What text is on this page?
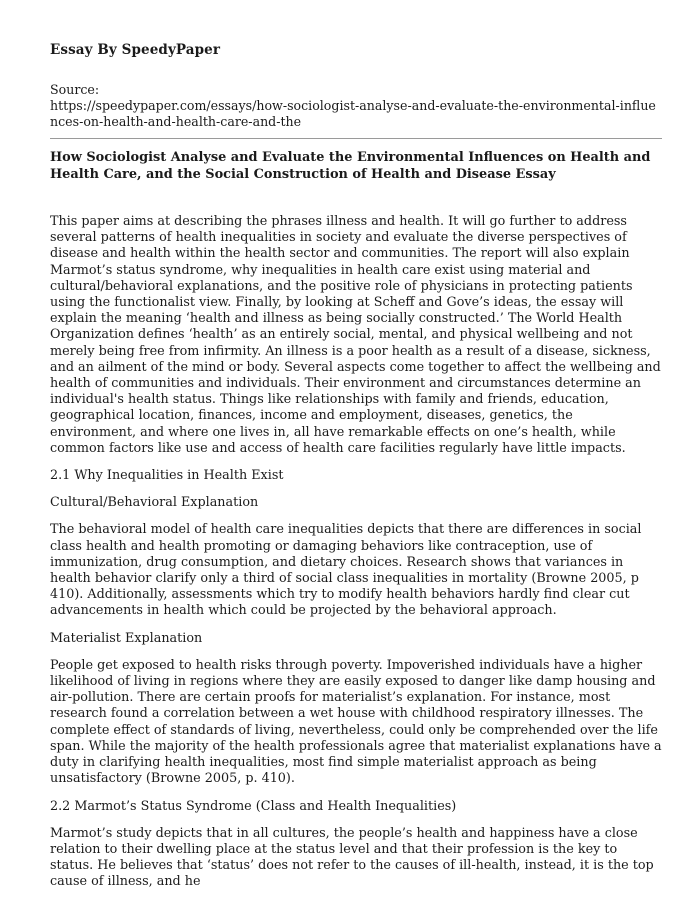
Essay By SpeedyPaper
Source:
https://speedypaper.com/essays/how-sociologist-analyse-and-evaluate-the-environmental-influences-on-health-and-health-care-and-the
How Sociologist Analyse and Evaluate the Environmental Influences on Health and Health Care, and the Social Construction of Health and Disease Essay

This paper aims at describing the phrases illness and health. It will go further to address several patterns of health inequalities in society and evaluate the diverse perspectives of disease and health within the health sector and communities. The report will also explain Marmot’s status syndrome, why inequalities in health care exist using material and cultural/behavioral explanations, and the positive role of physicians in protecting patients using the functionalist view. Finally, by looking at Scheff and Gove’s ideas, the essay will explain the meaning ‘health and illness as being socially constructed.’ The World Health Organization defines ‘health’ as an entirely social, mental, and physical wellbeing and not merely being free from infirmity. An illness is a poor health as a result of a disease, sickness, and an ailment of the mind or body. Several aspects come together to affect the wellbeing and health of communities and individuals. Their environment and circumstances determine an individual's health status. Things like relationships with family and friends, education, geographical location, finances, income and employment, diseases, genetics, the environment, and where one lives in, all have remarkable effects on one’s health, while common factors like use and access of health care facilities regularly have little impacts.

2.1 Why Inequalities in Health Exist

Cultural/Behavioral Explanation

The behavioral model of health care inequalities depicts that there are differences in social class health and health promoting or damaging behaviors like contraception, use of immunization, drug consumption, and dietary choices. Research shows that variances in health behavior clarify only a third of social class inequalities in mortality (Browne 2005, p 410). Additionally, assessments which try to modify health behaviors hardly find clear cut advancements in health which could be projected by the behavioral approach.

Materialist Explanation

People get exposed to health risks through poverty. Impoverished individuals have a higher likelihood of living in regions where they are easily exposed to danger like damp housing and air-pollution. There are certain proofs for materialist’s explanation. For instance, most research found a correlation between a wet house with childhood respiratory illnesses. The complete effect of standards of living, nevertheless, could only be comprehended over the life span. While the majority of the health professionals agree that materialist explanations have a duty in clarifying health inequalities, most find simple materialist approach as being unsatisfactory (Browne 2005, p. 410).

2.2 Marmot’s Status Syndrome (Class and Health Inequalities)

Marmot’s study depicts that in all cultures, the people’s health and happiness have a close relation to their dwelling place at the status level and that their profession is the key to status. He believes that ‘status’ does not refer to the causes of ill-health, instead, it is the top cause of illness, and he
